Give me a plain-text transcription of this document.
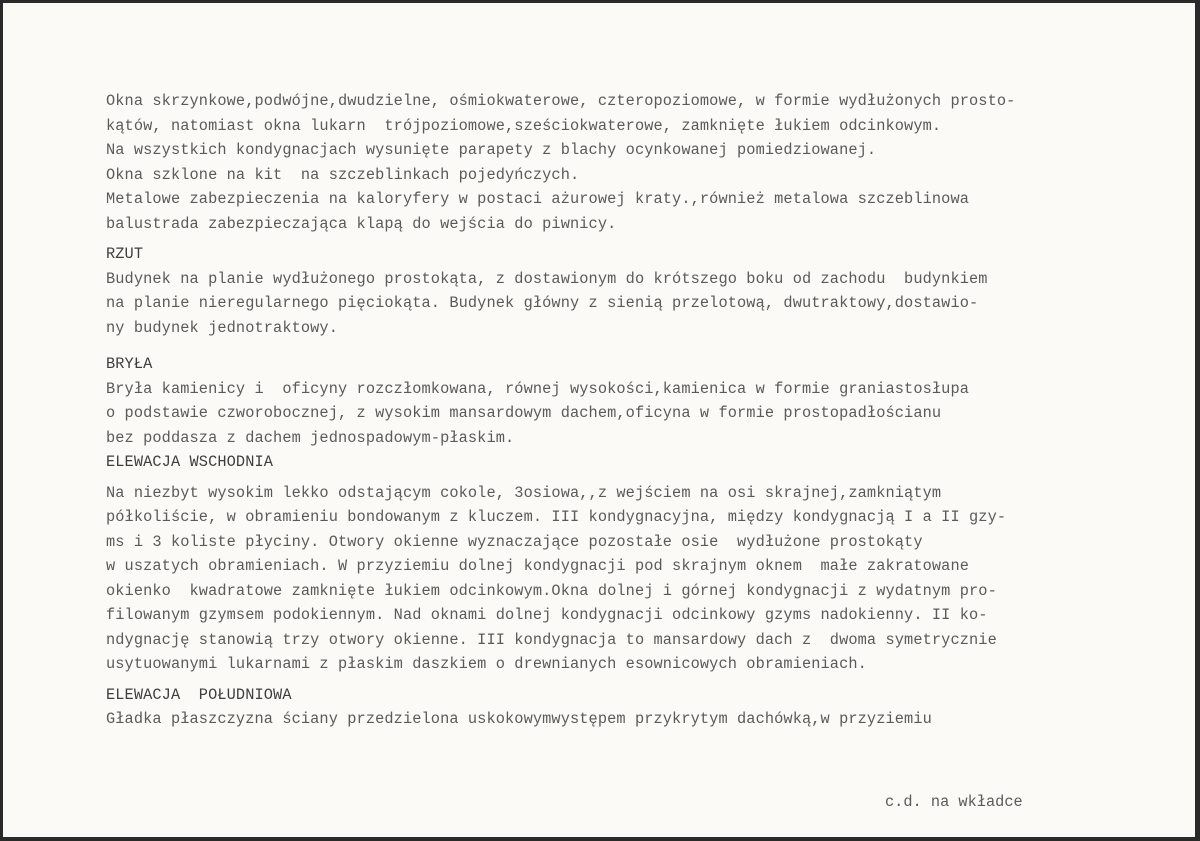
Okna skrzynkowe,podwójne,dwudzielne, ośmiokwaterowe, czteropoziomowe, w formie wydłużonych prosto-
kątów, natomiast okna lukarn  trójpoziomowe,sześciokwaterowe, zamknięte łukiem odcinkowym.
Na wszystkich kondygnacjach wysunięte parapety z blachy ocynkowanej pomiedziowanej.
Okna szklone na kit  na szczeblinkach pojedyńczych.
Metalowe zabezpieczenia na kaloryfery w postaci ażurowej kraty.,również metalowa szczeblinowa
balustrada zabezpieczająca klapą do wejścia do piwnicy.
RZUT
Budynek na planie wydłużonego prostokąta, z dostawionym do krótszego boku od zachodu  budynkiem
na planie nieregularnego pięciokąta. Budynek główny z sienią przelotową, dwutraktowy,dostawio-
ny budynek jednotraktowy.
BRYŁA
Bryła kamienicy i  oficyny rozczłomkowana, równej wysokości,kamienica w formie graniastosłupa
o podstawie czworobocznej, z wysokim mansardowym dachem,oficyna w formie prostopadłościanu
bez poddasza z dachem jednospadowym-płaskim.
ELEWACJA WSCHODNIA
Na niezbyt wysokim lekko odstającym cokole, 3osiowa,,z wejściem na osi skrajnej,zamkniątym
półkoliście, w obramieniu bondowanym z kluczem. III kondygnacyjna, między kondygnacją I a II gzy-
ms i 3 koliste płyciny. Otwory okienne wyznaczające pozostałe osie  wydłużone prostokąty
w uszatych obramieniach. W przyziemiu dolnej kondygnacji pod skrajnym oknem  małe zakratowane
okienko  kwadratowe zamknięte łukiem odcinkowym.Okna dolnej i górnej kondygnacji z wydatnym pro-
filowanym gzymsem podokiennym. Nad oknami dolnej kondygnacji odcinkowy gzyms nadokienny. II ko-
ndygnację stanowią trzy otwory okienne. III kondygnacja to mansardowy dach z  dwoma symetrycznie
usytuowanymi lukarnami z płaskim daszkiem o drewnianych esownicowych obramieniach.
ELEWACJA  POŁUDNIOWA
Gładka płaszczyzna ściany przedzielona uskokowymwystępem przykrytym dachówką,w przyziemiu
c.d. na wkładce
